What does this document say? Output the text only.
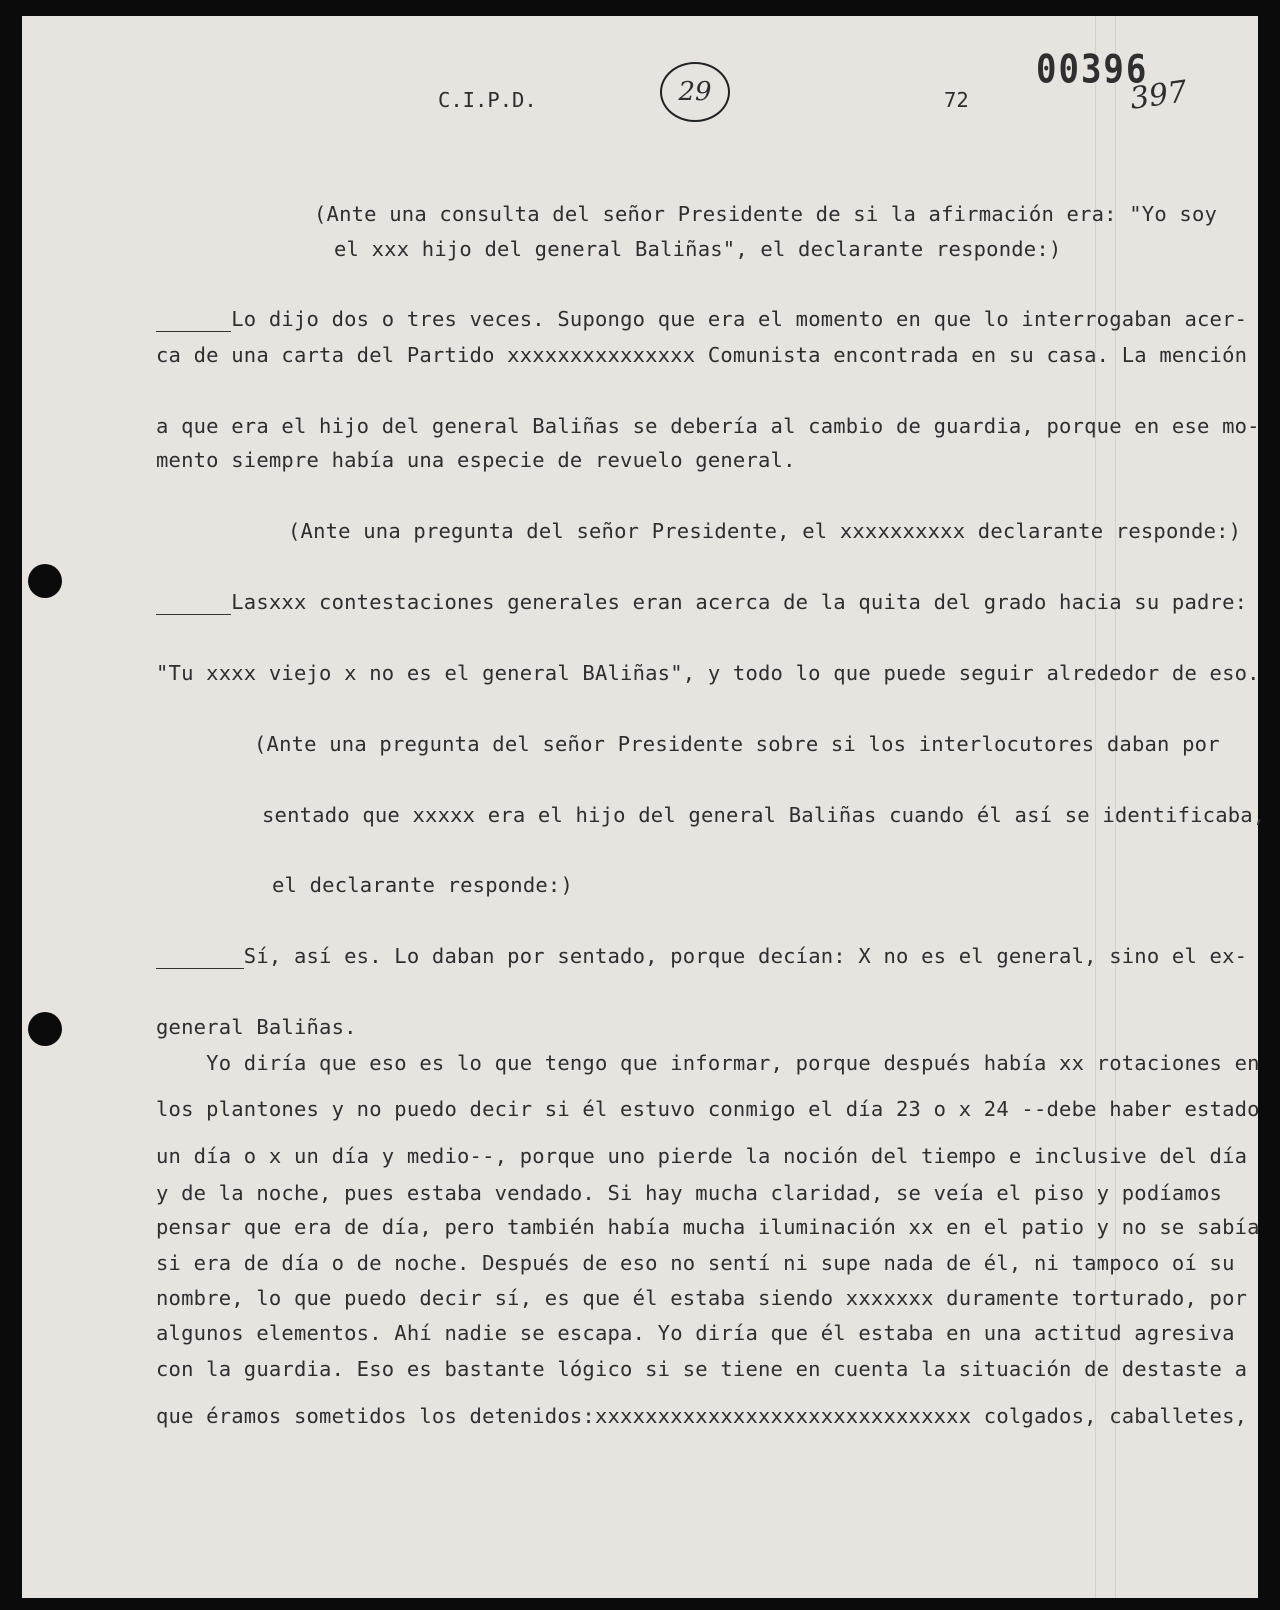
C.I.P.D.	29	72
00396
397
(Ante una consulta del señor Presidente de si la afirmación era: "Yo soy
el xxx hijo del general Baliñas", el declarante responde:)
Lo dijo dos o tres veces. Supongo que era el momento en que lo interrogaban acer-
ca de una carta del Partido xxxxxxxxxxxxxxx Comunista encontrada en su casa. La mención
a que era el hijo del general Baliñas se debería al cambio de guardia, porque en ese mo-
mento siempre había una especie de revuelo general.
(Ante una pregunta del señor Presidente, el xxxxxxxxxx declarante responde:)
Lasxxx contestaciones generales eran acerca de la quita del grado hacia su padre:
"Tu xxxx viejo x no es el general BAliñas", y todo lo que puede seguir alrededor de eso.
(Ante una pregunta del señor Presidente sobre si los interlocutores daban por
sentado que xxxxx era el hijo del general Baliñas cuando él así se identificaba,
el declarante responde:)
Sí, así es. Lo daban por sentado, porque decían: X no es el general, sino el ex-
general Baliñas.
Yo diría que eso es lo que tengo que informar, porque después había xx rotaciones en
los plantones y no puedo decir si él estuvo conmigo el día 23 o x 24 --debe haber estado
un día o x un día y medio--, porque uno pierde la noción del tiempo e inclusive del día
y de la noche, pues estaba vendado. Si hay mucha claridad, se veía el piso y podíamos
pensar que era de día, pero también había mucha iluminación xx en el patio y no se sabía
si era de día o de noche. Después de eso no sentí ni supe nada de él, ni tampoco oí su
nombre, lo que puedo decir sí, es que él estaba siendo xxxxxxx duramente torturado, por
algunos elementos. Ahí nadie se escapa. Yo diría que él estaba en una actitud agresiva
con la guardia. Eso es bastante lógico si se tiene en cuenta la situación de destaste a
que éramos sometidos los detenidos:xxxxxxxxxxxxxxxxxxxxxxxxxxxxxx colgados, caballetes,
